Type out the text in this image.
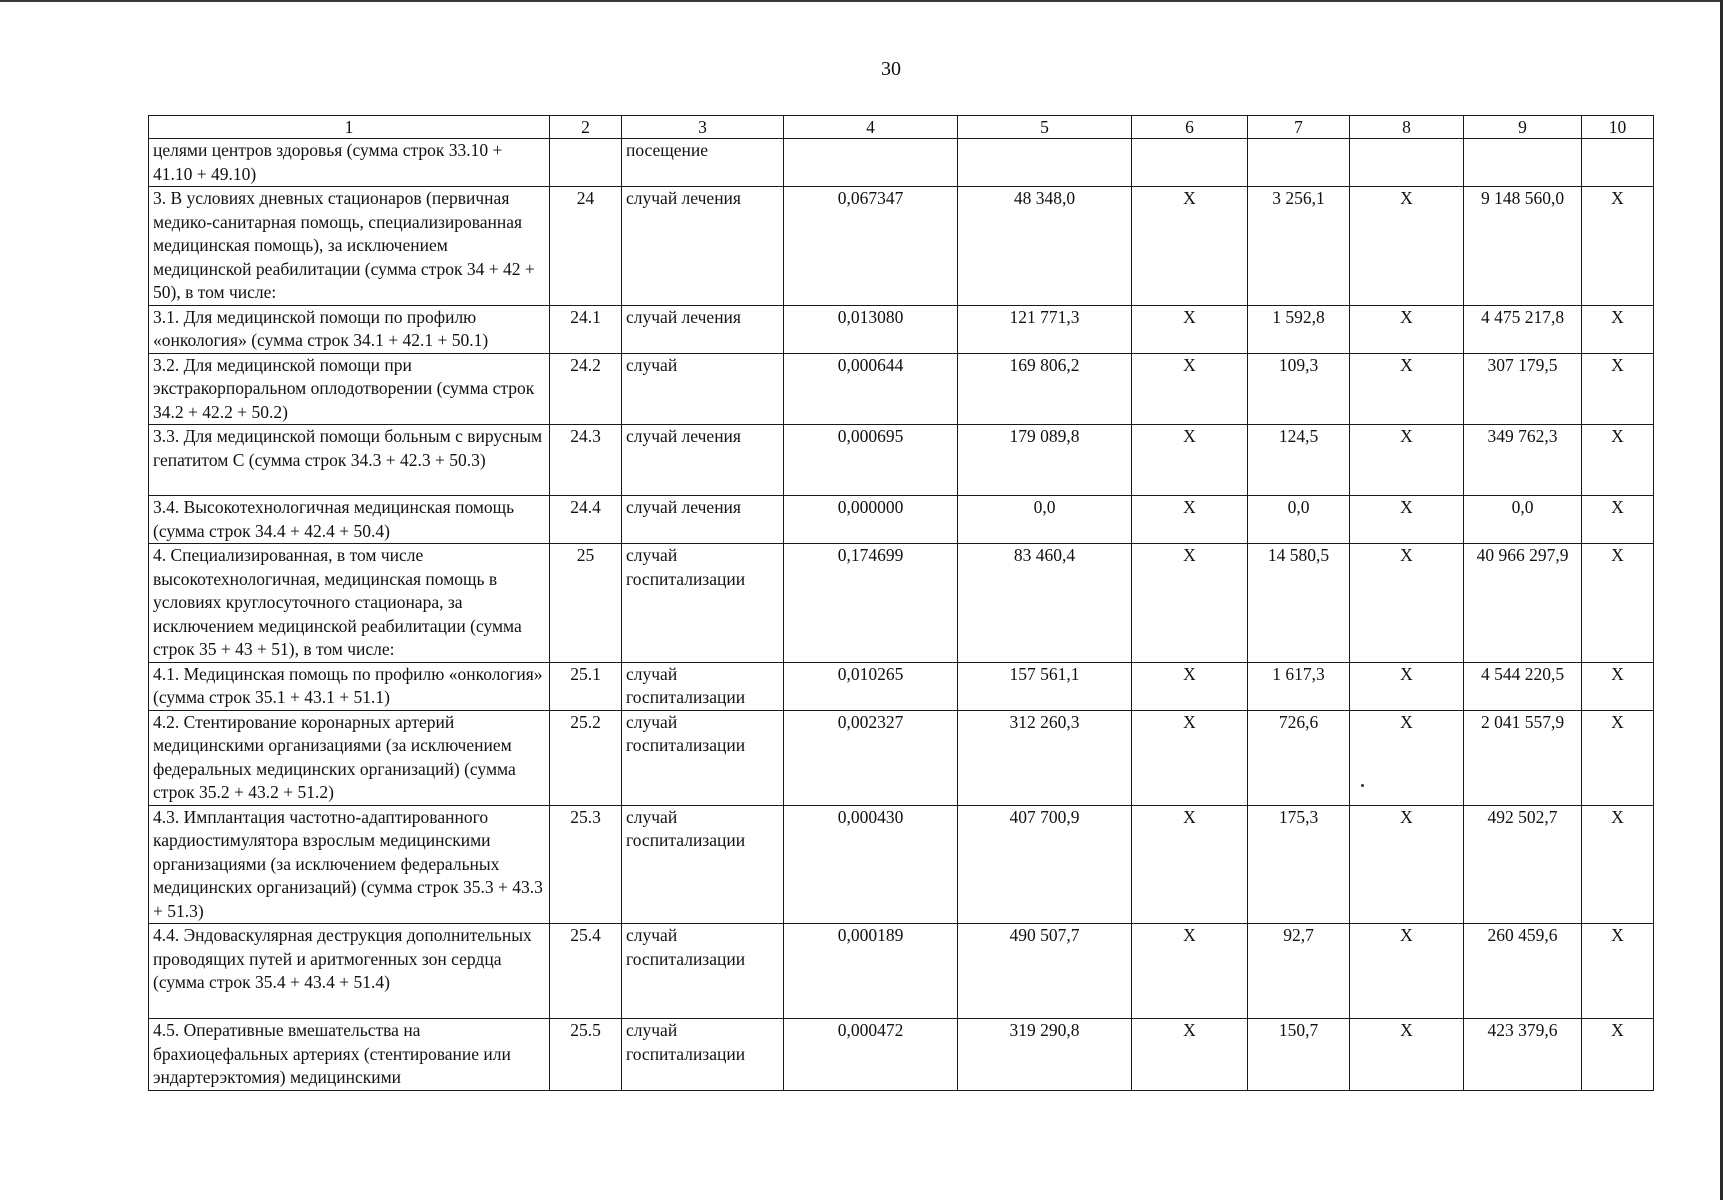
30
1	2	3	4	5	6	7	8	9	10
целями центров здоровья (сумма строк 33.10 + 41.10 + 49.10)		посещение							
3. В условиях дневных стационаров (первичная медико-санитарная помощь, специализированная медицинская помощь), за исключением медицинской реабилитации (сумма строк 34 + 42 + 50), в том числе:	24	случай лечения	0,067347	48 348,0	X	3 256,1	X	9 148 560,0	X
3.1. Для медицинской помощи по профилю «онкология» (сумма строк 34.1 + 42.1 + 50.1)	24.1	случай лечения	0,013080	121 771,3	X	1 592,8	X	4 475 217,8	X
3.2. Для медицинской помощи при экстракорпоральном оплодотворении (сумма строк 34.2 + 42.2 + 50.2)	24.2	случай	0,000644	169 806,2	X	109,3	X	307 179,5	X
3.3. Для медицинской помощи больным с вирусным гепатитом С (сумма строк 34.3 + 42.3 + 50.3)	24.3	случай лечения	0,000695	179 089,8	X	124,5	X	349 762,3	X
3.4. Высокотехнологичная медицинская помощь (сумма строк 34.4 + 42.4 + 50.4)	24.4	случай лечения	0,000000	0,0	X	0,0	X	0,0	X
4. Специализированная, в том числе высокотехнологичная, медицинская помощь в условиях круглосуточного стационара, за исключением медицинской реабилитации (сумма строк 35 + 43 + 51), в том числе:	25	случай госпитализации	0,174699	83 460,4	X	14 580,5	X	40 966 297,9	X
4.1. Медицинская помощь по профилю «онкология» (сумма строк 35.1 + 43.1 + 51.1)	25.1	случай госпитализации	0,010265	157 561,1	X	1 617,3	X	4 544 220,5	X
4.2. Стентирование коронарных артерий медицинскими организациями (за исключением федеральных медицинских организаций) (сумма строк 35.2 + 43.2 + 51.2)	25.2	случай госпитализации	0,002327	312 260,3	X	726,6	X	2 041 557,9	X
4.3. Имплантация частотно-адаптированного кардиостимулятора взрослым медицинскими организациями (за исключением федеральных медицинских организаций) (сумма строк 35.3 + 43.3 + 51.3)	25.3	случай госпитализации	0,000430	407 700,9	X	175,3	X	492 502,7	X
4.4. Эндоваскулярная деструкция дополнительных проводящих путей и аритмогенных зон сердца (сумма строк 35.4 + 43.4 + 51.4)	25.4	случай госпитализации	0,000189	490 507,7	X	92,7	X	260 459,6	X
4.5. Оперативные вмешательства на брахиоцефальных артериях (стентирование или эндартерэктомия) медицинскими	25.5	случай госпитализации	0,000472	319 290,8	X	150,7	X	423 379,6	X
